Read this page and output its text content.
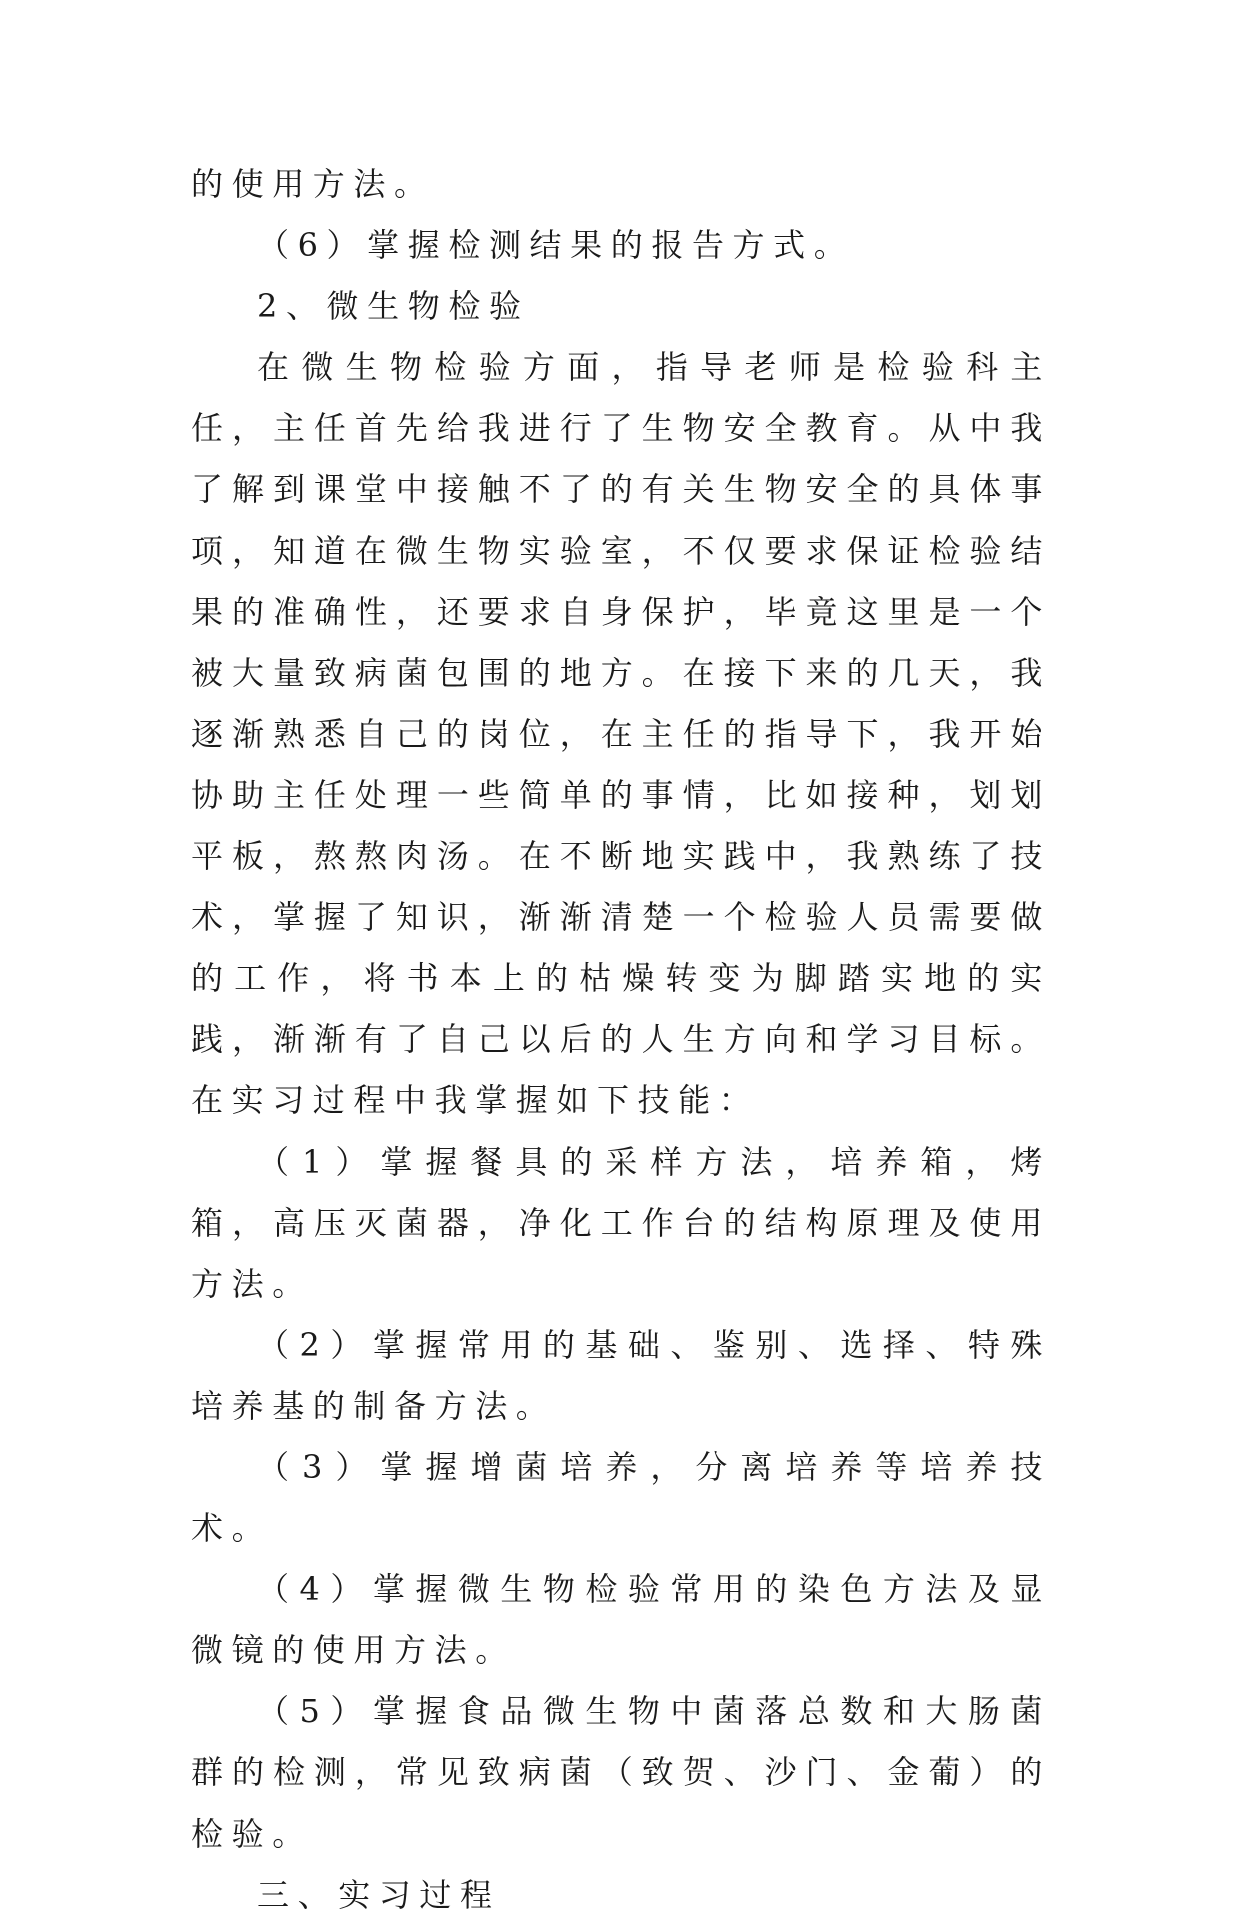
的使用方法。

（6）掌握检测结果的报告方式。

2、微生物检验

在微生物检验方面，指导老师是检验科主任，主任首先给我进行了生物安全教育。从中我了解到课堂中接触不了的有关生物安全的具体事项，知道在微生物实验室，不仅要求保证检验结果的准确性，还要求自身保护，毕竟这里是一个被大量致病菌包围的地方。在接下来的几天，我逐渐熟悉自己的岗位，在主任的指导下，我开始协助主任处理一些简单的事情，比如接种，划划平板，熬熬肉汤。在不断地实践中，我熟练了技术，掌握了知识，渐渐清楚一个检验人员需要做的工作，将书本上的枯燥转变为脚踏实地的实践，渐渐有了自己以后的人生方向和学习目标。在实习过程中我掌握如下技能：

（1）掌握餐具的采样方法，培养箱，烤箱，高压灭菌器，净化工作台的结构原理及使用方法。

（2）掌握常用的基础、鉴别、选择、特殊培养基的制备方法。

（3）掌握增菌培养，分离培养等培养技术。

（4）掌握微生物检验常用的染色方法及显微镜的使用方法。

（5）掌握食品微生物中菌落总数和大肠菌群的检测，常见致病菌（致贺、沙门、金葡）的检验。

三、实习过程
